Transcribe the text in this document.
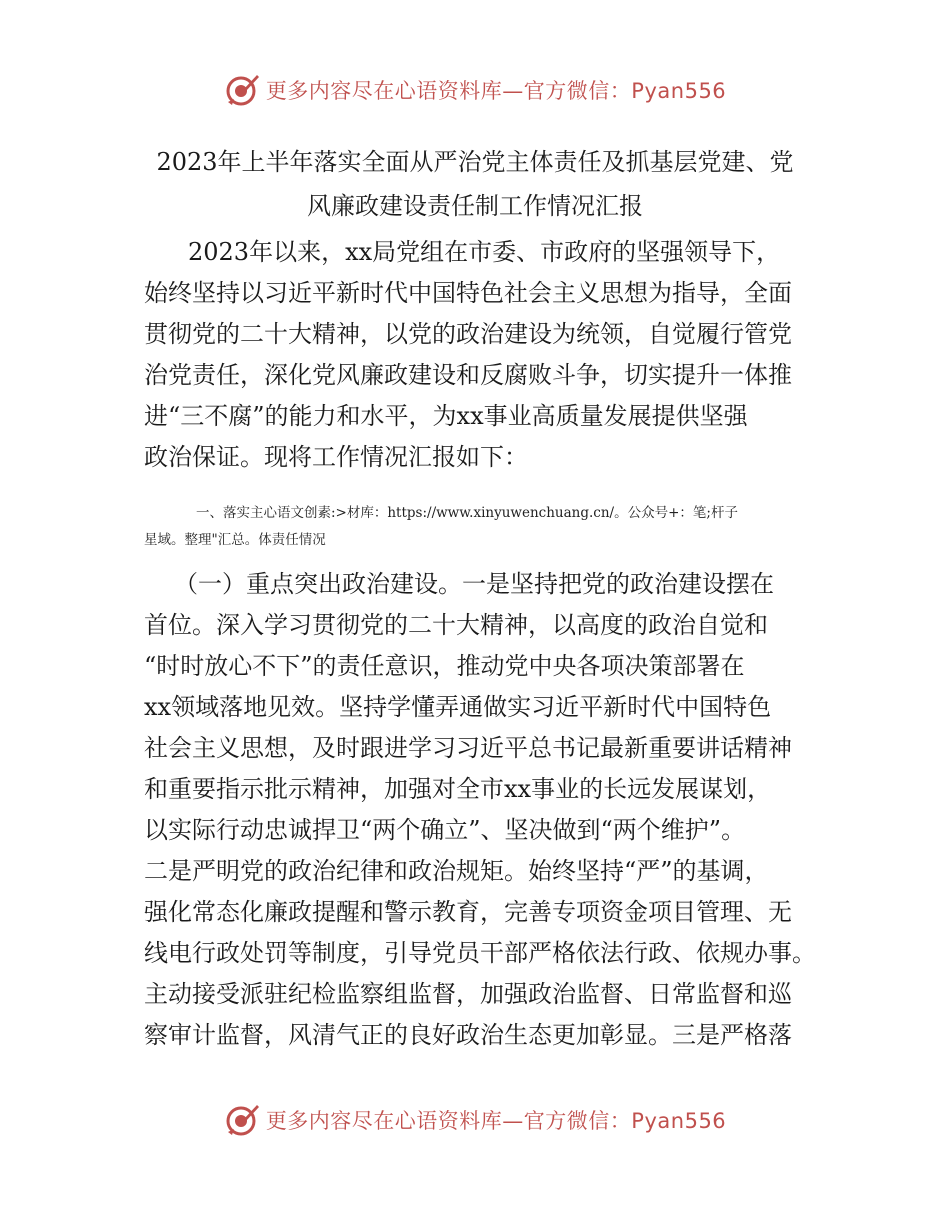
更多内容尽在心语资料库—官方微信：Pyan556
2023年上半年落实全面从严治党主体责任及抓基层党建、党
风廉政建设责任制工作情况汇报
2023年以来，xx局党组在市委、市政府的坚强领导下，
始终坚持以习近平新时代中国特色社会主义思想为指导，全面
贯彻党的二十大精神，以党的政治建设为统领，自觉履行管党
治党责任，深化党风廉政建设和反腐败斗争，切实提升一体推
进“三不腐”的能力和水平，为xx事业高质量发展提供坚强
政治保证。现将工作情况汇报如下：
一、落实主心语文创素:>材库：https://www.xinyuwenchuang.cn/。公众号+：笔;杆子
星域。整理"汇总。体责任情况
（一）重点突出政治建设。一是坚持把党的政治建设摆在
首位。深入学习贯彻党的二十大精神，以高度的政治自觉和
“时时放心不下”的责任意识，推动党中央各项决策部署在
xx领域落地见效。坚持学懂弄通做实习近平新时代中国特色
社会主义思想，及时跟进学习习近平总书记最新重要讲话精神
和重要指示批示精神，加强对全市xx事业的长远发展谋划，
以实际行动忠诚捍卫“两个确立”、坚决做到“两个维护”。
二是严明党的政治纪律和政治规矩。始终坚持“严”的基调，
强化常态化廉政提醒和警示教育，完善专项资金项目管理、无
线电行政处罚等制度，引导党员干部严格依法行政、依规办事。
主动接受派驻纪检监察组监督，加强政治监督、日常监督和巡
察审计监督，风清气正的良好政治生态更加彰显。三是严格落
更多内容尽在心语资料库—官方微信：Pyan556
